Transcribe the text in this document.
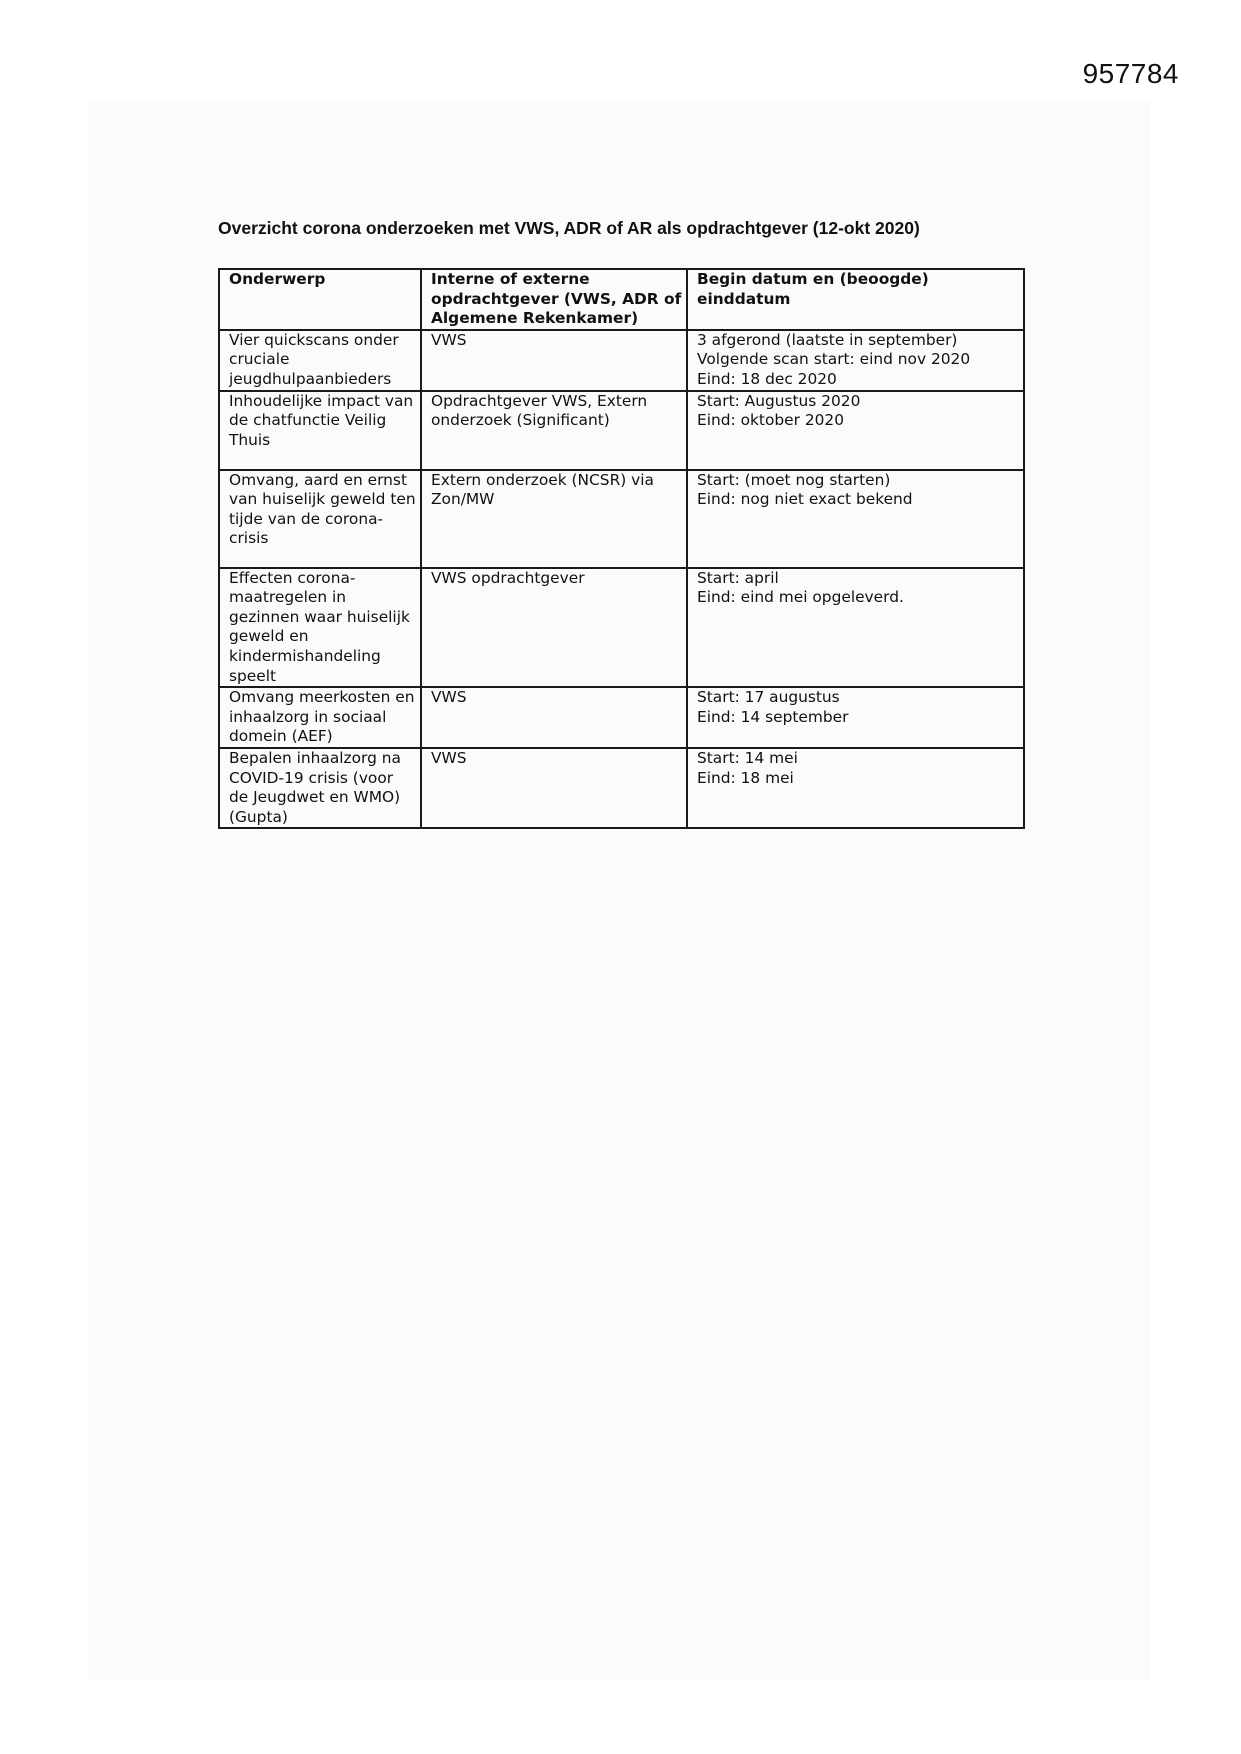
957784
Overzicht corona onderzoeken met VWS, ADR of AR als opdrachtgever (12-okt 2020)
Onderwerp	Interne of externe opdrachtgever (VWS, ADR of Algemene Rekenkamer)	Begin datum en (beoogde) einddatum
Vier quickscans onder cruciale jeugdhulpaanbieders	VWS	3 afgerond (laatste in september)
Volgende scan start: eind nov 2020
Eind: 18 dec 2020
Inhoudelijke impact van de chatfunctie Veilig Thuis	Opdrachtgever VWS, Extern onderzoek (Significant)	Start: Augustus 2020
Eind: oktober 2020
Omvang, aard en ernst van huiselijk geweld ten tijde van de corona-crisis	Extern onderzoek (NCSR) via Zon/MW	Start: (moet nog starten)
Eind: nog niet exact bekend
Effecten corona-maatregelen in gezinnen waar huiselijk geweld en kindermishandeling speelt	VWS opdrachtgever	Start: april
Eind: eind mei opgeleverd.
Omvang meerkosten en inhaalzorg in sociaal domein (AEF)	VWS	Start: 17 augustus
Eind: 14 september
Bepalen inhaalzorg na COVID-19 crisis (voor de Jeugdwet en WMO) (Gupta)	VWS	Start: 14 mei
Eind: 18 mei
